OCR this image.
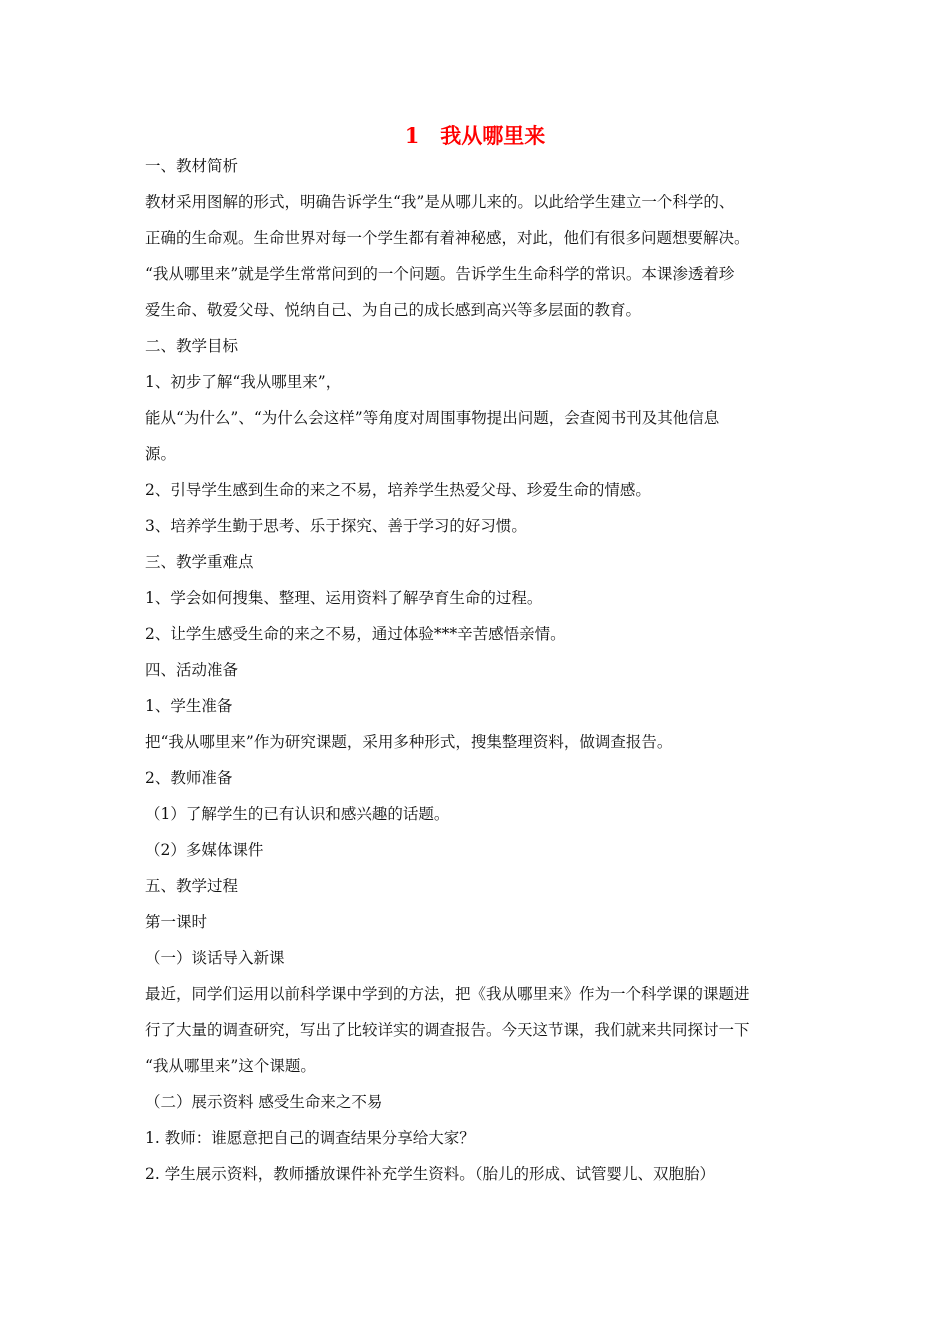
1　我从哪里来
一、教材简析
教材采用图解的形式，明确告诉学生“我”是从哪儿来的。以此给学生建立一个科学的、
正确的生命观。生命世界对每一个学生都有着神秘感，对此，他们有很多问题想要解决。
“我从哪里来”就是学生常常问到的一个问题。告诉学生生命科学的常识。本课渗透着珍
爱生命、敬爱父母、悦纳自己、为自己的成长感到高兴等多层面的教育。
二、教学目标
1、初步了解“我从哪里来”，
能从“为什么”、“为什么会这样”等角度对周围事物提出问题，会查阅书刊及其他信息
源。
2、引导学生感到生命的来之不易，培养学生热爱父母、珍爱生命的情感。
3、培养学生勤于思考、乐于探究、善于学习的好习惯。
三、教学重难点
1、学会如何搜集、整理、运用资料了解孕育生命的过程。
2、让学生感受生命的来之不易，通过体验***辛苦感悟亲情。
四、活动准备
1、学生准备
把“我从哪里来”作为研究课题，采用多种形式，搜集整理资料，做调查报告。
2、教师准备
（1）了解学生的已有认识和感兴趣的话题。
（2）多媒体课件
五、教学过程
第一课时
（一）谈话导入新课
最近，同学们运用以前科学课中学到的方法，把《我从哪里来》作为一个科学课的课题进
行了大量的调查研究，写出了比较详实的调查报告。今天这节课，我们就来共同探讨一下
“我从哪里来”这个课题。
（二）展示资料 感受生命来之不易
1. 教师：谁愿意把自己的调查结果分享给大家？
2. 学生展示资料，教师播放课件补充学生资料。（胎儿的形成、试管婴儿、双胞胎）
